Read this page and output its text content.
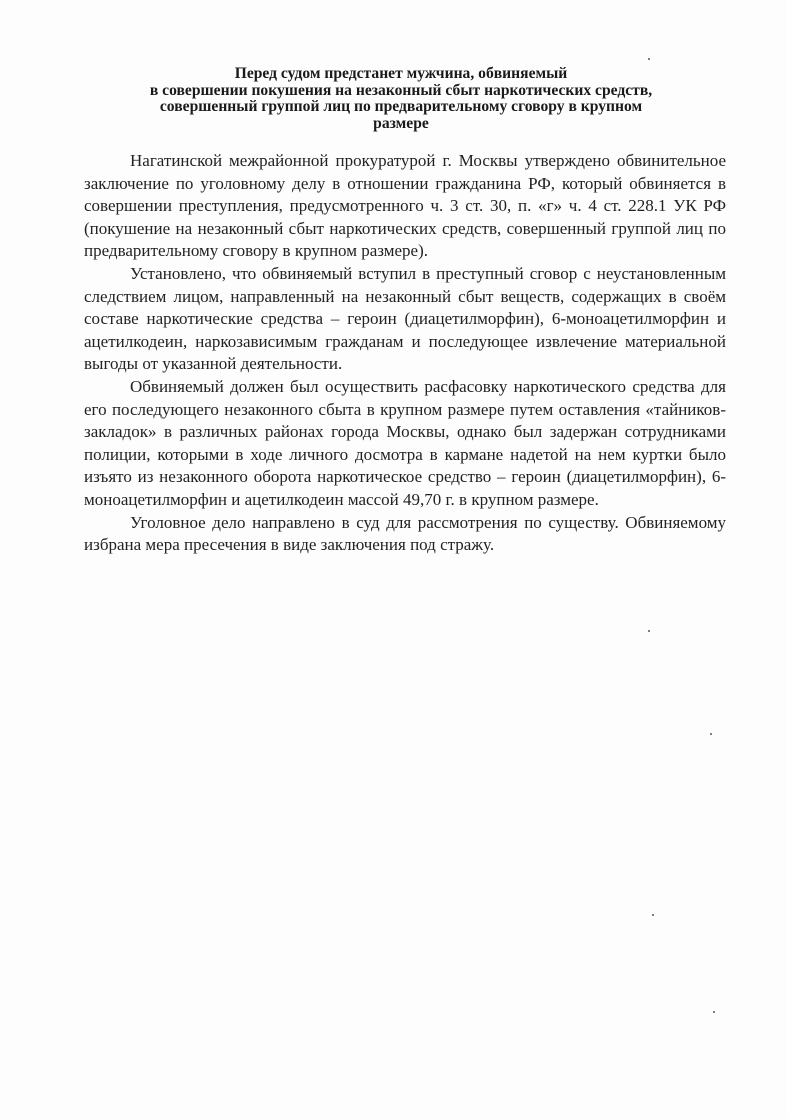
Перед судом предстанет мужчина, обвиняемый
в совершении покушения на незаконный сбыт наркотических средств,
совершенный группой лиц по предварительному сговору в крупном
размере

Нагатинской межрайонной прокуратурой г. Москвы утверждено обвинительное заключение по уголовному делу в отношении гражданина РФ, который обвиняется в совершении преступления, предусмотренного ч. 3 ст. 30, п. «г» ч. 4 ст. 228.1 УК РФ (покушение на незаконный сбыт наркотических средств, совершенный группой лиц по предварительному сговору в крупном размере).

Установлено, что обвиняемый вступил в преступный сговор с неустановленным следствием лицом, направленный на незаконный сбыт веществ, содержащих в своём составе наркотические средства – героин (диацетилморфин), 6-моноацетилморфин и ацетилкодеин, наркозависимым гражданам и последующее извлечение материальной выгоды от указанной деятельности.

Обвиняемый должен был осуществить расфасовку наркотического средства для его последующего незаконного сбыта в крупном размере путем оставления «тайников-закладок» в различных районах города Москвы, однако был задержан сотрудниками полиции, которыми в ходе личного досмотра в кармане надетой на нем куртки было изъято из незаконного оборота наркотическое средство – героин (диацетилморфин), 6-моноацетилморфин и ацетилкодеин массой 49,70 г. в крупном размере.

Уголовное дело направлено в суд для рассмотрения по существу. Обвиняемому избрана мера пресечения в виде заключения под стражу.
